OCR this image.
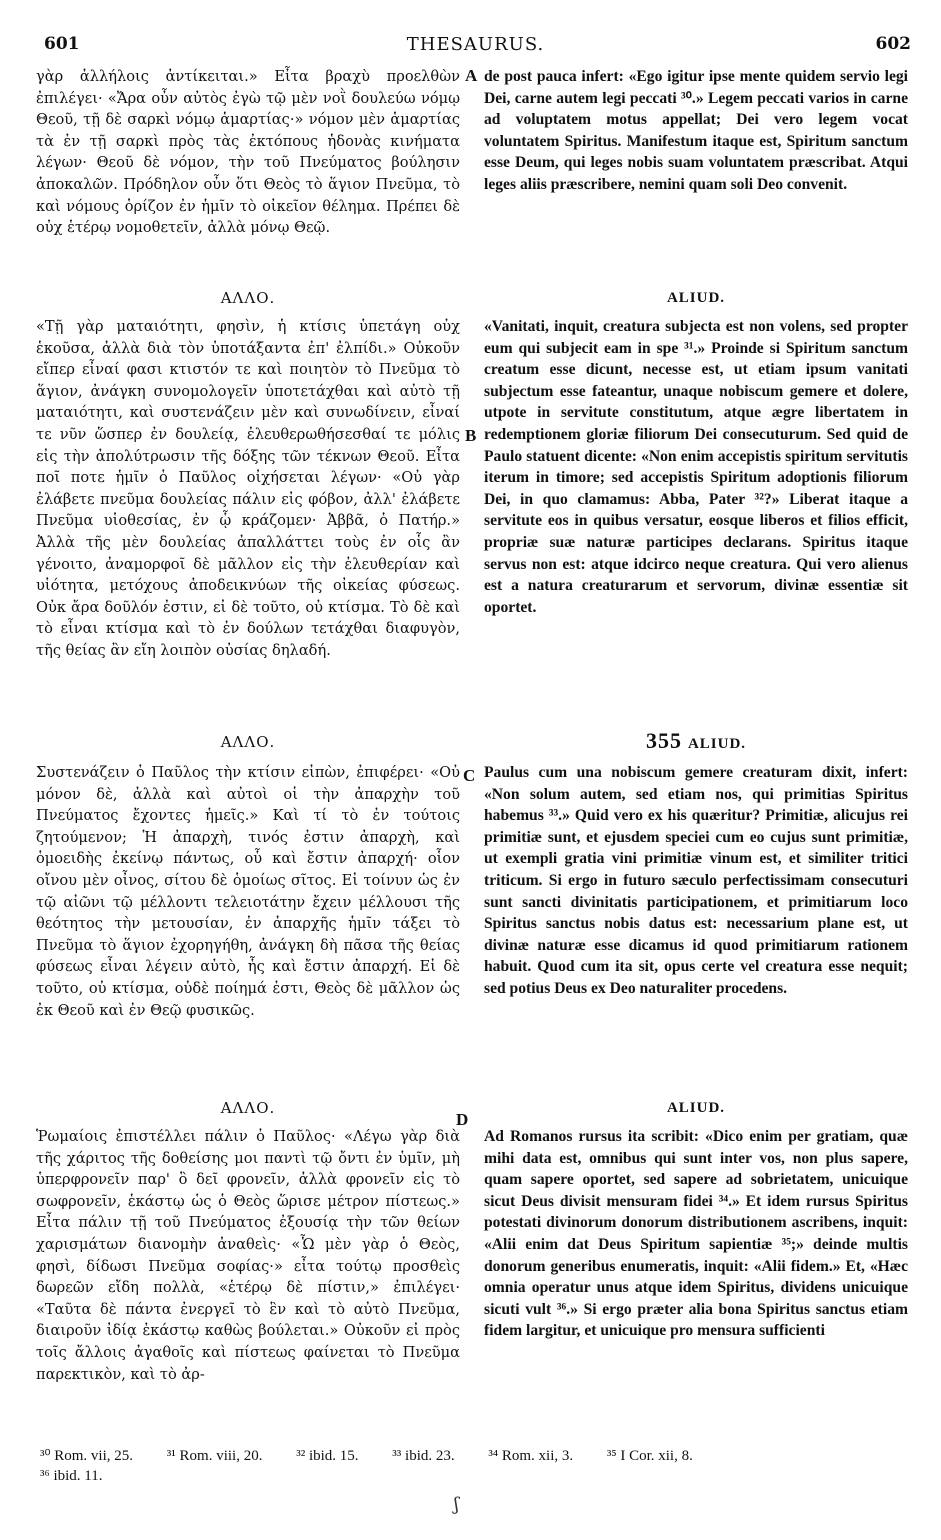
601	THESAURUS.	602
γὰρ ἀλλήλοις ἀντίκειται.» Εἶτα βραχὺ προελθὼν ἐπιλέγει· «Ἄρα οὖν αὐτὸς ἐγὼ τῷ μὲν νοῒ δουλεύω νόμῳ Θεοῦ, τῇ δὲ σαρκὶ νόμῳ ἁμαρτίας·» νόμον μὲν ἁμαρτίας τὰ ἐν τῇ σαρκὶ πρὸς τὰς ἐκτόπους ἡδονὰς κινήματα λέγων· Θεοῦ δὲ νόμον, τὴν τοῦ Πνεύματος βούλησιν ἀποκαλῶν. Πρόδηλον οὖν ὅτι Θεὸς τὸ ἅγιον Πνεῦμα, τὸ καὶ νόμους ὁρίζον ἐν ἡμῖν τὸ οἰκεῖον θέλημα. Πρέπει δὲ οὐχ ἑτέρῳ νομοθετεῖν, ἀλλὰ μόνῳ Θεῷ.
ΑΛΛΟ.
«Τῇ γὰρ ματαιότητι, φησὶν, ἡ κτίσις ὑπετάγη οὐχ ἑκοῦσα, ἀλλὰ διὰ τὸν ὑποτάξαντα ἐπ' ἐλπίδι.» Οὐκοῦν εἴπερ εἶναί φασι κτιστόν τε καὶ ποιητὸν τὸ Πνεῦμα τὸ ἅγιον, ἀνάγκη συνομολογεῖν ὑποτετάχθαι καὶ αὐτὸ τῇ ματαιότητι, καὶ συστενάζειν μὲν καὶ συνωδίνειν, εἶναί τε νῦν ὥσπερ ἐν δουλείᾳ, ἐλευθερωθήσεσθαί τε μόλις εἰς τὴν ἀπολύτρωσιν τῆς δόξης τῶν τέκνων Θεοῦ. Εἶτα ποῖ ποτε ἡμῖν ὁ Παῦλος οἰχήσεται λέγων· «Οὐ γὰρ ἐλάβετε πνεῦμα δουλείας πάλιν εἰς φόβον, ἀλλ' ἐλάβετε Πνεῦμα υἱοθεσίας, ἐν ᾧ κράζομεν· Ἀββᾶ, ὁ Πατήρ.» Ἀλλὰ τῆς μὲν δουλείας ἀπαλλάττει τοὺς ἐν οἷς ἂν γένοιτο, ἀναμορφοῖ δὲ μᾶλλον εἰς τὴν ἐλευθερίαν καὶ υἱότητα, μετόχους ἀποδεικνύων τῆς οἰκείας φύσεως. Οὐκ ἄρα δοῦλόν ἐστιν, εἰ δὲ τοῦτο, οὐ κτίσμα. Τὸ δὲ καὶ τὸ εἶναι κτίσμα καὶ τὸ ἐν δούλων τετάχθαι διαφυγὸν, τῆς θείας ἂν εἴη λοιπὸν οὐσίας δηλαδή.
ΑΛΛΟ.
Συστενάζειν ὁ Παῦλος τὴν κτίσιν εἰπὼν, ἐπιφέρει· «Οὐ μόνον δὲ, ἀλλὰ καὶ αὐτοὶ οἱ τὴν ἀπαρχὴν τοῦ Πνεύματος ἔχοντες ἡμεῖς.» Καὶ τί τὸ ἐν τούτοις ζητούμενον; Ἡ ἀπαρχὴ, τινός ἐστιν ἀπαρχὴ, καὶ ὁμοειδὴς ἐκείνῳ πάντως, οὗ καὶ ἔστιν ἀπαρχή· οἷον οἴνου μὲν οἶνος, σίτου δὲ ὁμοίως σῖτος. Εἰ τοίνυν ὡς ἐν τῷ αἰῶνι τῷ μέλλοντι τελειοτάτην ἔχειν μέλλουσι τῆς θεότητος τὴν μετουσίαν, ἐν ἀπαρχῆς ἡμῖν τάξει τὸ Πνεῦμα τὸ ἅγιον ἐχορηγήθη, ἀνάγκη δὴ πᾶσα τῆς θείας φύσεως εἶναι λέγειν αὐτὸ, ἧς καὶ ἔστιν ἀπαρχή. Εἰ δὲ τοῦτο, οὐ κτίσμα, οὐδὲ ποίημά ἐστι, Θεὸς δὲ μᾶλλον ὡς ἐκ Θεοῦ καὶ ἐν Θεῷ φυσικῶς.
ΑΛΛΟ.
Ῥωμαίοις ἐπιστέλλει πάλιν ὁ Παῦλος· «Λέγω γὰρ διὰ τῆς χάριτος τῆς δοθείσης μοι παντὶ τῷ ὄντι ἐν ὑμῖν, μὴ ὑπερφρονεῖν παρ' ὃ δεῖ φρονεῖν, ἀλλὰ φρονεῖν εἰς τὸ σωφρονεῖν, ἑκάστῳ ὡς ὁ Θεὸς ὥρισε μέτρον πίστεως.» Εἶτα πάλιν τῇ τοῦ Πνεύματος ἐξουσίᾳ τὴν τῶν θείων χαρισμάτων διανομὴν ἀναθεὶς· «Ὧ μὲν γὰρ ὁ Θεὸς, φησὶ, δίδωσι Πνεῦμα σοφίας·» εἶτα τούτῳ προσθεὶς δωρεῶν εἴδη πολλὰ, «ἑτέρῳ δὲ πίστιν,» ἐπιλέγει· «Ταῦτα δὲ πάντα ἐνεργεῖ τὸ ἓν καὶ τὸ αὐτὸ Πνεῦμα, διαιροῦν ἰδίᾳ ἑκάστῳ καθὼς βούλεται.» Οὐκοῦν εἰ πρὸς τοῖς ἄλλοις ἀγαθοῖς καὶ πίστεως φαίνεται τὸ Πνεῦμα παρεκτικὸν, καὶ τὸ ἀρ-
A
B
C
D
de post pauca infert: «Ego igitur ipse mente quidem servio legi Dei, carne autem legi peccati ³⁰.» Legem peccati varios in carne ad voluptatem motus appellat; Dei vero legem vocat voluntatem Spiritus. Manifestum itaque est, Spiritum sanctum esse Deum, qui leges nobis suam voluntatem præscribat. Atqui leges aliis præscribere, nemini quam soli Deo convenit.
ALIUD.
«Vanitati, inquit, creatura subjecta est non volens, sed propter eum qui subjecit eam in spe ³¹.» Proinde si Spiritum sanctum creatum esse dicunt, necesse est, ut etiam ipsum vanitati subjectum esse fateantur, unaque nobiscum gemere et dolere, utpote in servitute constitutum, atque ægre libertatem in redemptionem gloriæ filiorum Dei consecuturum. Sed quid de Paulo statuent dicente: «Non enim accepistis spiritum servitutis iterum in timore; sed accepistis Spiritum adoptionis filiorum Dei, in quo clamamus: Abba, Pater ³²?» Liberat itaque a servitute eos in quibus versatur, eosque liberos et filios efficit, propriæ suæ naturæ participes declarans. Spiritus itaque servus non est: atque idcirco neque creatura. Qui vero alienus est a natura creaturarum et servorum, divinæ essentiæ sit oportet.
355 ALIUD.
Paulus cum una nobiscum gemere creaturam dixit, infert: «Non solum autem, sed etiam nos, qui primitias Spiritus habemus ³³.» Quid vero ex his quæritur? Primitiæ, alicujus rei primitiæ sunt, et ejusdem speciei cum eo cujus sunt primitiæ, ut exempli gratia vini primitiæ vinum est, et similiter tritici triticum. Si ergo in futuro sæculo perfectissimam consecuturi sunt sancti divinitatis participationem, et primitiarum loco Spiritus sanctus nobis datus est: necessarium plane est, ut divinæ naturæ esse dicamus id quod primitiarum rationem habuit. Quod cum ita sit, opus certe vel creatura esse nequit; sed potius Deus ex Deo naturaliter procedens.
ALIUD.
Ad Romanos rursus ita scribit: «Dico enim per gratiam, quæ mihi data est, omnibus qui sunt inter vos, non plus sapere, quam sapere oportet, sed sapere ad sobrietatem, unicuique sicut Deus divisit mensuram fidei ³⁴.» Et idem rursus Spiritus potestati divinorum donorum distributionem ascribens, inquit: «Alii enim dat Deus Spiritum sapientiæ ³⁵;» deinde multis donorum generibus enumeratis, inquit: «Alii fidem.» Et, «Hæc omnia operatur unus atque idem Spiritus, dividens unicuique sicuti vult ³⁶.» Si ergo præter alia bona Spiritus sanctus etiam fidem largitur, et unicuique pro mensura sufficienti
³⁰ Rom. vii, 25. ³¹ Rom. viii, 20. ³² ibid. 15. ³³ ibid. 23. ³⁴ Rom. xii, 3. ³⁵ I Cor. xii, 8.
³⁶ ibid. 11.
ʃ
